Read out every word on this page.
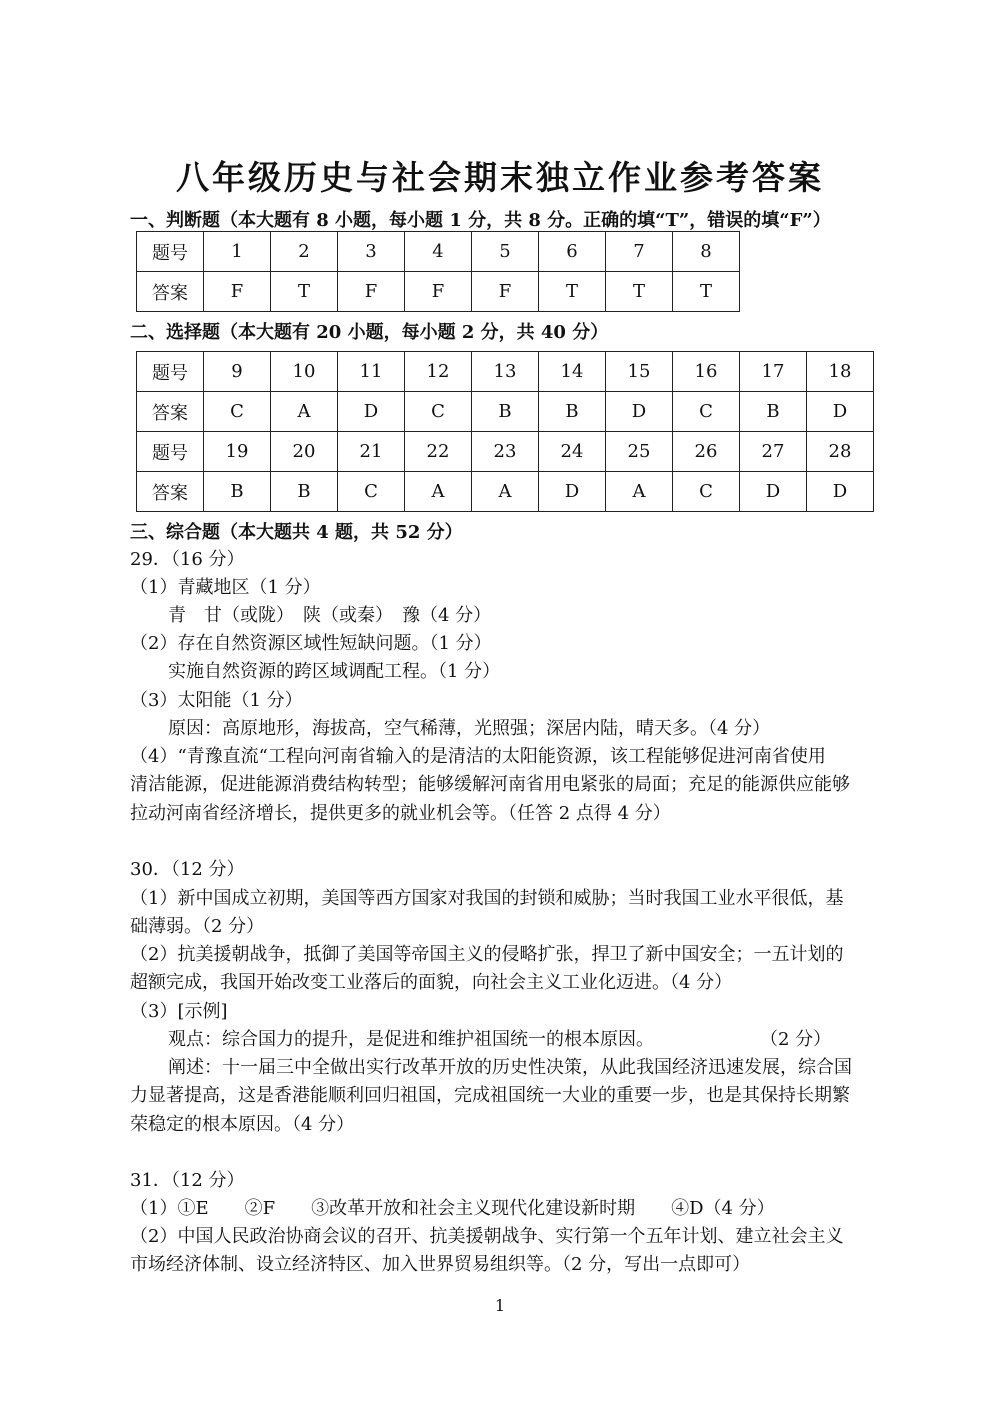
八年级历史与社会期末独立作业参考答案
一、判断题（本大题有 8 小题，每小题 1 分，共 8 分。正确的填“T”，错误的填“F”）
题号	1	2	3	4	5	6	7	8
答案	F	T	F	F	F	T	T	T
二、选择题（本大题有 20 小题，每小题 2 分，共 40 分）
题号	9	10	11	12	13	14	15	16	17	18
答案	C	A	D	C	B	B	D	C	B	D
题号	19	20	21	22	23	24	25	26	27	28
答案	B	B	C	A	A	D	A	C	D	D
三、综合题（本大题共 4 题，共 52 分）
29．（16 分）
（1）青藏地区（1 分）
青　甘（或陇）　陕（或秦）　豫（4 分）
（2）存在自然资源区域性短缺问题。（1 分）
实施自然资源的跨区域调配工程。（1 分）
（3）太阳能（1 分）
原因：高原地形，海拔高，空气稀薄，光照强；深居内陆，晴天多。（4 分）
（4）“青豫直流“工程向河南省输入的是清洁的太阳能资源，该工程能够促进河南省使用
清洁能源，促进能源消费结构转型；能够缓解河南省用电紧张的局面；充足的能源供应能够
拉动河南省经济增长，提供更多的就业机会等。（任答 2 点得 4 分）
30．（12 分）
（1）新中国成立初期，美国等西方国家对我国的封锁和威胁；当时我国工业水平很低，基
础薄弱。（2 分）
（2）抗美援朝战争，抵御了美国等帝国主义的侵略扩张，捍卫了新中国安全；一五计划的
超额完成，我国开始改变工业落后的面貌，向社会主义工业化迈进。（4 分）
（3）[示例]
观点：综合国力的提升，是促进和维护祖国统一的根本原因。	（2 分）
阐述：十一届三中全做出实行改革开放的历史性决策，从此我国经济迅速发展，综合国
力显著提高，这是香港能顺利回归祖国，完成祖国统一大业的重要一步，也是其保持长期繁
荣稳定的根本原因。（4 分）
31．（12 分）
（1）①E　　②F　　③改革开放和社会主义现代化建设新时期　　④D（4 分）
（2）中国人民政治协商会议的召开、抗美援朝战争、实行第一个五年计划、建立社会主义
市场经济体制、设立经济特区、加入世界贸易组织等。（2 分，写出一点即可）
1
